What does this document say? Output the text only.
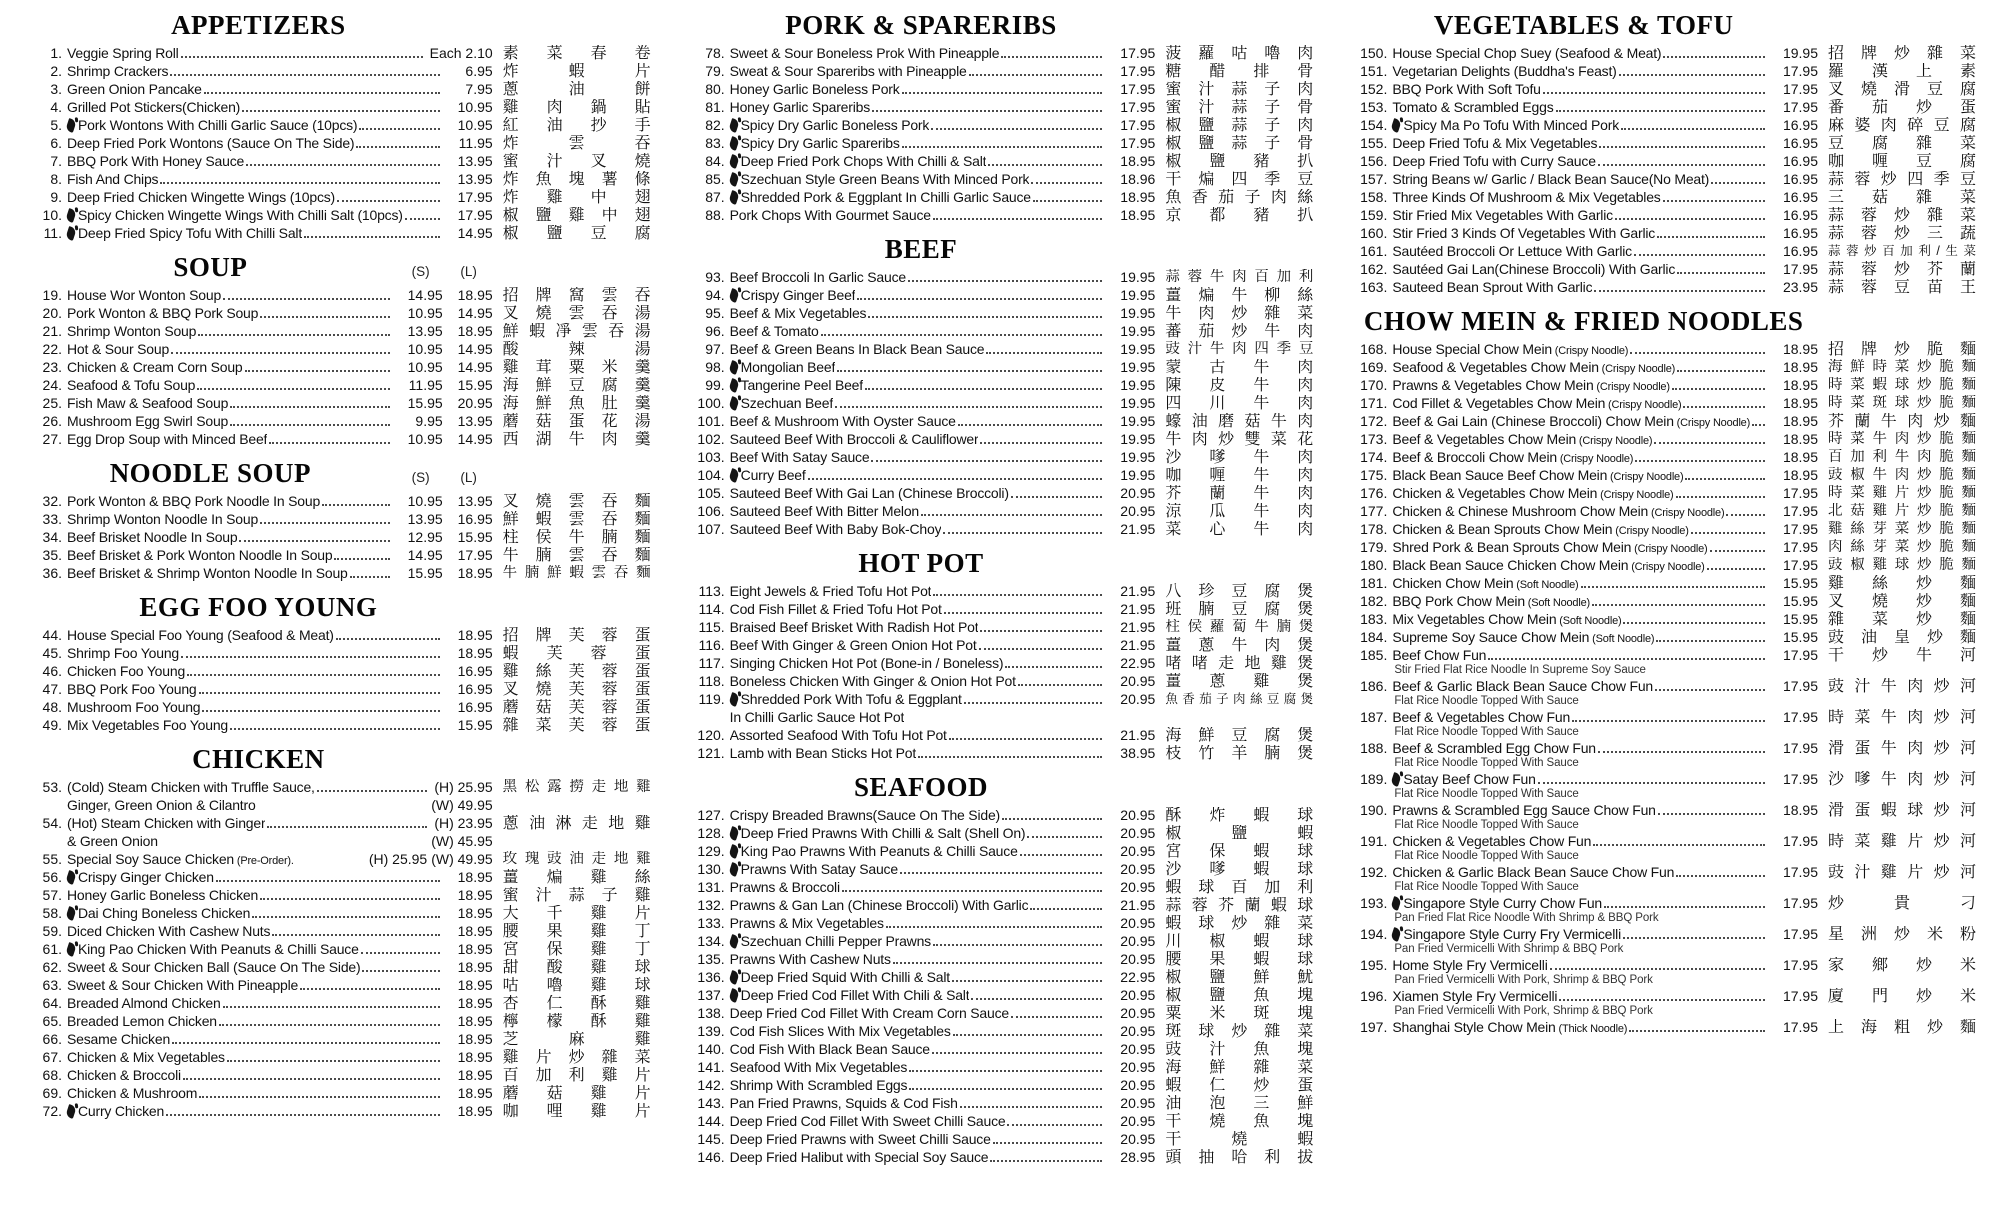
APPETIZERS
1. Veggie Spring Roll	Each 2.10 素 菜 春 卷
2. Shrimp Crackers	6.95 炸	蝦	片
3. Green Onion Pancake	7.95 蔥	油	餅
4. Grilled Pot Stickers(Chicken)	10.95 雞 肉 鍋 貼
5. Pork Wontons With Chilli Garlic Sauce (10pcs)	10.95 紅 油 抄 手
6. Deep Fried Pork Wontons (Sauce On The Side)	11.95 炸	雲	吞
7. BBQ Pork With Honey Sauce	13.95 蜜 汁 叉 燒
8. Fish And Chips	13.95 炸 魚 塊 薯 條
9. Deep Fried Chicken Wingette Wings (10pcs)	17.95 炸 雞 中 翅
10. Spicy Chicken Wingette Wings With Chilli Salt (10pcs)	17.95 椒 鹽 雞 中 翅
11. Deep Fried Spicy Tofu With Chilli Salt	14.95 椒 鹽 豆 腐
SOUP	(S)	(L)
19. House Wor Wonton Soup	14.95	18.95 招 牌 窩 雲 吞
20. Pork Wonton & BBQ Pork Soup	10.95	14.95 叉 燒 雲 吞 湯
21. Shrimp Wonton Soup	13.95	18.95 鮮 蝦 凈 雲 吞 湯
22. Hot & Sour Soup	10.95	14.95 酸	辣	湯
23. Chicken & Cream Corn Soup	10.95	14.95 雞 茸 粟 米 羹
24. Seafood & Tofu Soup	11.95	15.95 海 鮮 豆 腐 羹
25. Fish Maw & Seafood Soup	15.95	20.95 海 鮮 魚 肚 羹
26. Mushroom Egg Swirl Soup	9.95	13.95 蘑 菇 蛋 花 湯
27. Egg Drop Soup with Minced Beef	10.95	14.95 西 湖 牛 肉 羹
NOODLE SOUP	(S)	(L)
32. Pork Wonton & BBQ Pork Noodle In Soup	10.95	13.95 叉 燒 雲 吞 麵
33. Shrimp Wonton Noodle In Soup	13.95	16.95 鮮 蝦 雲 吞 麵
34. Beef Brisket Noodle In Soup	12.95	15.95 柱 侯 牛 腩 麵
35. Beef Brisket & Pork Wonton Noodle In Soup	14.95	17.95 牛 腩 雲 吞 麵
36. Beef Brisket & Shrimp Wonton Noodle In Soup	15.95	18.95 牛 腩 鮮 蝦 雲 吞 麵
EGG FOO YOUNG
44. House Special Foo Young (Seafood & Meat)	18.95 招 牌 芙 蓉 蛋
45. Shrimp Foo Young	18.95 蝦 芙 蓉 蛋
46. Chicken Foo Young	16.95 雞 絲 芙 蓉 蛋
47. BBQ Pork Foo Young	16.95 叉 燒 芙 蓉 蛋
48. Mushroom Foo Young	16.95 蘑 菇 芙 蓉 蛋
49. Mix Vegetables Foo Young	15.95 雜 菜 芙 蓉 蛋
CHICKEN
53. (Cold) Steam Chicken with Truffle Sauce,	(H) 25.95 黑 松 露 撈 走 地 雞
Ginger, Green Onion & Cilantro	(W) 49.95
54. (Hot) Steam Chicken with Ginger	(H) 23.95 蔥 油 淋 走 地 雞
& Green Onion	(W) 45.95
55. Special Soy Sauce Chicken (Pre-Order).	(H) 25.95 (W) 49.95 玫 瑰 豉 油 走 地 雞
56. Crispy Ginger Chicken	18.95 薑 煸 雞 絲
57. Honey Garlic Boneless Chicken	18.95 蜜 汁 蒜 子 雞
58. Dai Ching Boneless Chicken	18.95 大 千 雞 片
59. Diced Chicken With Cashew Nuts	18.95 腰 果 雞 丁
61. King Pao Chicken With Peanuts & Chilli Sauce	18.95 宮 保 雞 丁
62. Sweet & Sour Chicken Ball (Sauce On The Side)	18.95 甜 酸 雞 球
63. Sweet & Sour Chicken With Pineapple	18.95 咕 嚕 雞 球
64. Breaded Almond Chicken	18.95 杏 仁 酥 雞
65. Breaded Lemon Chicken	18.95 檸 檬 酥 雞
66. Sesame Chicken	18.95 芝	麻	雞
67. Chicken & Mix Vegetables	18.95 雞 片 炒 雜 菜
68. Chicken & Broccoli	18.95 百 加 利 雞 片
69. Chicken & Mushroom	18.95 蘑 菇 雞 片
72. Curry Chicken	18.95 咖 哩 雞 片
PORK & SPARERIBS
78. Sweet & Sour Boneless Prok With Pineapple	17.95 菠 蘿 咕 嚕 肉
79. Sweat & Sour Spareribs with Pineapple	17.95 糖 醋 排 骨
80. Honey Garlic Boneless Pork	17.95 蜜 汁 蒜 子 肉
81. Honey Garlic Spareribs	17.95 蜜 汁 蒜 子 骨
82. Spicy Dry Garlic Boneless Pork	17.95 椒 鹽 蒜 子 肉
83. Spicy Dry Garlic Spareribs	17.95 椒 鹽 蒜 子 骨
84. Deep Fried Pork Chops With Chilli & Salt	18.95 椒 鹽 豬 扒
85. Szechuan Style Green Beans With Minced Pork	18.96 干 煸 四 季 豆
87. Shredded Pork & Eggplant In Chilli Garlic Sauce	18.95 魚 香 茄 子 肉 絲
88. Pork Chops With Gourmet Sauce	18.95 京 都 豬 扒
BEEF
93. Beef Broccoli In Garlic Sauce	19.95 蒜 蓉 牛 肉 百 加 利
94. Crispy Ginger Beef	19.95 薑 煸 牛 柳 絲
95. Beef & Mix Vegetables	19.95 牛 肉 炒 雜 菜
96. Beef & Tomato	19.95 蕃 茄 炒 牛 肉
97. Beef & Green Beans In Black Bean Sauce	19.95 豉 汁 牛 肉 四 季 豆
98. Mongolian Beef	19.95 蒙 古 牛 肉
99. Tangerine Peel Beef	19.95 陳 皮 牛 肉
100. Szechuan Beef	19.95 四 川 牛 肉
101. Beef & Mushroom With Oyster Sauce	19.95 蠔 油 磨 菇 牛 肉
102. Sauteed Beef With Broccoli & Cauliflower	19.95 牛 肉 炒 雙 菜 花
103. Beef With Satay Sauce	19.95 沙 嗲 牛 肉
104. Curry Beef	19.95 咖 喱 牛 肉
105. Sauteed Beef With Gai Lan (Chinese Broccoli)	20.95 芥 蘭 牛 肉
106. Sauteed Beef With Bitter Melon	20.95 涼 瓜 牛 肉
107. Sauteed Beef With Baby Bok-Choy	21.95 菜 心 牛 肉
HOT POT
113. Eight Jewels & Fried Tofu Hot Pot	21.95 八 珍 豆 腐 煲
114. Cod Fish Fillet & Fried Tofu Hot Pot	21.95 班 腩 豆 腐 煲
115. Braised Beef Brisket With Radish Hot Pot	21.95 柱 侯 蘿 蔔 牛 腩 煲
116. Beef With Ginger & Green Onion Hot Pot	21.95 薑 蔥 牛 肉 煲
117. Singing Chicken Hot Pot (Bone-in / Boneless)	22.95 啫 啫 走 地 雞 煲
118. Boneless Chicken With Ginger & Onion Hot Pot	20.95 薑 蔥 雞 煲
119. Shredded Pork With Tofu & Eggplant	20.95 魚 香 茄 子 肉 絲 豆 腐 煲
In Chilli Garlic Sauce Hot Pot
120. Assorted Seafood With Tofu Hot Pot	21.95 海 鮮 豆 腐 煲
121. Lamb with Bean Sticks Hot Pot	38.95 枝 竹 羊 腩 煲
SEAFOOD
127. Crispy Breaded Brawns(Sauce On The Side)	20.95 酥 炸 蝦 球
128. Deep Fried Prawns With Chilli & Salt (Shell On)	20.95 椒	鹽	蝦
129. King Pao Prawns With Peanuts & Chilli Sauce	20.95 宮 保 蝦 球
130. Prawns With Satay Sauce	20.95 沙 嗲 蝦 球
131. Prawns & Broccoli	20.95 蝦 球 百 加 利
132. Prawns & Gan Lan (Chinese Broccoli) With Garlic	21.95 蒜 蓉 芥 蘭 蝦 球
133. Prawns & Mix Vegetables	20.95 蝦 球 炒 雜 菜
134. Szechuan Chilli Pepper Prawns	20.95 川 椒 蝦 球
135. Prawns With Cashew Nuts	20.95 腰 果 蝦 球
136. Deep Fried Squid With Chilli & Salt	22.95 椒 鹽 鮮 魷
137. Deep Fried Cod Fillet With Chili & Salt	20.95 椒 鹽 魚 塊
138. Deep Fried Cod Fillet With Cream Corn Sauce	20.95 粟 米 斑 塊
139. Cod Fish Slices With Mix Vegetables	20.95 斑 球 炒 雜 菜
140. Cod Fish With Black Bean Sauce	20.95 豉 汁 魚 塊
141. Seafood With Mix Vegetables	20.95 海 鮮 雜 菜
142. Shrimp With Scrambled Eggs	20.95 蝦 仁 炒 蛋
143. Pan Fried Prawns, Squids & Cod Fish	20.95 油 泡 三 鮮
144. Deep Fried Cod Fillet With Sweet Chilli Sauce	20.95 干 燒 魚 塊
145. Deep Fried Prawns with Sweet Chilli Sauce	20.95 干	燒	蝦
146. Deep Fried Halibut with Special Soy Sauce	28.95 頭 抽 哈 利 拔
VEGETABLES & TOFU
150. House Special Chop Suey (Seafood & Meat)	19.95 招 牌 炒 雜 菜
151. Vegetarian Delights (Buddha's Feast)	17.95 羅 漢 上 素
152. BBQ Pork With Soft Tofu	17.95 叉 燒 滑 豆 腐
153. Tomato & Scrambled Eggs	17.95 番 茄 炒 蛋
154. Spicy Ma Po Tofu With Minced Pork	16.95 麻 婆 肉 碎 豆 腐
155. Deep Fried Tofu & Mix Vegetables	16.95 豆 腐 雜 菜
156. Deep Fried Tofu with Curry Sauce	16.95 咖 喱 豆 腐
157. String Beans w/ Garlic / Black Bean Sauce(No Meat)	16.95 蒜 蓉 炒 四 季 豆
158. Three Kinds Of Mushroom & Mix Vegetables	16.95 三 菇 雜 菜
159. Stir Fried Mix Vegetables With Garlic	16.95 蒜 蓉 炒 雜 菜
160. Stir Fried 3 Kinds Of Vegetables With Garlic	16.95 蒜 蓉 炒 三 蔬
161. Sautéed Broccoli Or Lettuce With Garlic	16.95 蒜 蓉 炒 百 加 利 / 生 菜
162. Sautéed Gai Lan(Chinese Broccoli) With Garlic	17.95 蒜 蓉 炒 芥 蘭
163. Sauteed Bean Sprout With Garlic	23.95 蒜 蓉 豆 苗 王
CHOW MEIN & FRIED NOODLES
168. House Special Chow Mein (Crispy Noodle)	18.95 招 牌 炒 脆 麵
169. Seafood & Vegetables Chow Mein (Crispy Noodle)	18.95 海 鮮 時 菜 炒 脆 麵
170. Prawns & Vegetables Chow Mein (Crispy Noodle)	18.95 時 菜 蝦 球 炒 脆 麵
171. Cod Fillet & Vegetables Chow Mein (Crispy Noodle)	18.95 時 菜 斑 球 炒 脆 麵
172. Beef & Gai Lain (Chinese Broccoli) Chow Mein (Crispy Noodle)	18.95 芥 蘭 牛 肉 炒 麵
173. Beef & Vegetables Chow Mein (Crispy Noodle)	18.95 時 菜 牛 肉 炒 脆 麵
174. Beef & Broccoli Chow Mein (Crispy Noodle)	18.95 百 加 利 牛 肉 脆 麵
175. Black Bean Sauce Beef Chow Mein (Crispy Noodle)	18.95 豉 椒 牛 肉 炒 脆 麵
176. Chicken & Vegetables Chow Mein (Crispy Noodle)	17.95 時 菜 雞 片 炒 脆 麵
177. Chicken & Chinese Mushroom Chow Mein (Crispy Noodle)	17.95 北 菇 雞 片 炒 脆 麵
178. Chicken & Bean Sprouts Chow Mein (Crispy Noodle)	17.95 雞 絲 芽 菜 炒 脆 麵
179. Shred Pork & Bean Sprouts Chow Mein (Crispy Noodle)	17.95 肉 絲 芽 菜 炒 脆 麵
180. Black Bean Sauce Chicken Chow Mein (Crispy Noodle)	17.95 豉 椒 雞 球 炒 脆 麵
181. Chicken Chow Mein (Soft Noodle)	15.95 雞 絲 炒 麵
182. BBQ Pork Chow Mein (Soft Noodle)	15.95 叉 燒 炒 麵
183. Mix Vegetables Chow Mein (Soft Noodle)	15.95 雜 菜 炒 麵
184. Supreme Soy Sauce Chow Mein (Soft Noodle)	15.95 豉 油 皇 炒 麵
185. Beef Chow Fun	17.95 干 炒 牛 河
Stir Fried Flat Rice Noodle In Supreme Soy Sauce
186. Beef & Garlic Black Bean Sauce Chow Fun	17.95 豉 汁 牛 肉 炒 河
Flat Rice Noodle Topped With Sauce
187. Beef & Vegetables Chow Fun	17.95 時 菜 牛 肉 炒 河
Flat Rice Noodle Topped With Sauce
188. Beef & Scrambled Egg Chow Fun	17.95 滑 蛋 牛 肉 炒 河
Flat Rice Noodle Topped With Sauce
189. Satay Beef Chow Fun	17.95 沙 嗲 牛 肉 炒 河
Flat Rice Noodle Topped With Sauce
190. Prawns & Scrambled Egg Sauce Chow Fun	18.95 滑 蛋 蝦 球 炒 河
Flat Rice Noodle Topped With Sauce
191. Chicken & Vegetables Chow Fun	17.95 時 菜 雞 片 炒 河
Flat Rice Noodle Topped With Sauce
192. Chicken & Garlic Black Bean Sauce Chow Fun	17.95 豉 汁 雞 片 炒 河
Flat Rice Noodle Topped With Sauce
193. Singapore Style Curry Chow Fun	17.95 炒	貴	刁
Pan Fried Flat Rice Noodle With Shrimp & BBQ Pork
194. Singapore Style Curry Fry Vermicelli	17.95 星 洲 炒 米 粉
Pan Fried Vermicelli With Shrimp & BBQ Pork
195. Home Style Fry Vermicelli	17.95 家 鄉 炒 米
Pan Fried Vermicelli With Pork, Shrimp & BBQ Pork
196. Xiamen Style Fry Vermicelli	17.95 廈 門 炒 米
Pan Fried Vermicelli With Pork, Shrimp & BBQ Pork
197. Shanghai Style Chow Mein (Thick Noodle)	17.95 上 海 粗 炒 麵
